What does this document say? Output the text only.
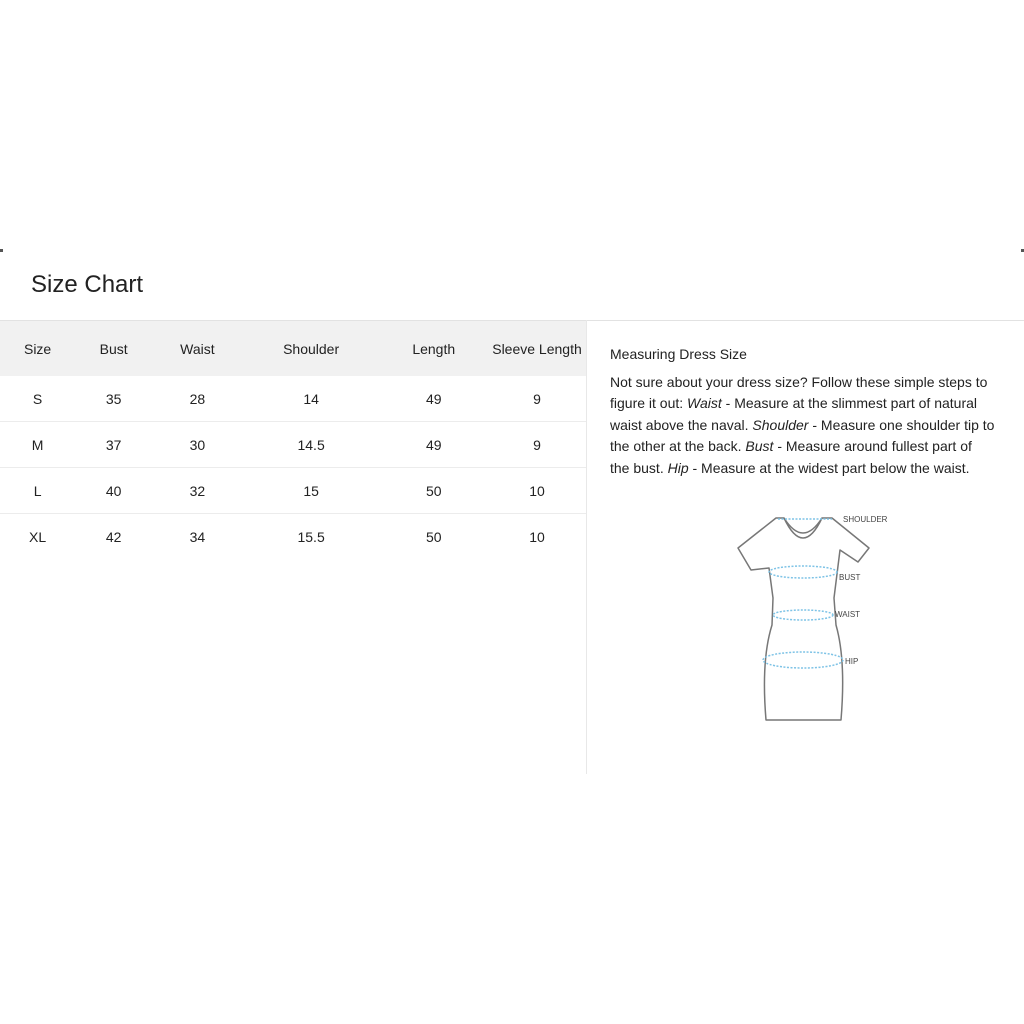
Size Chart
Size	Bust	Waist	Shoulder	Length	Sleeve Length
S	35	28	14	49	9
M	37	30	14.5	49	9
L	40	32	15	50	10
XL	42	34	15.5	50	10

Measuring Dress Size

Not sure about your dress size? Follow these simple steps to figure it out: Waist - Measure at the slimmest part of natural waist above the naval. Shoulder - Measure one shoulder tip to the other at the back. Bust - Measure around fullest part of the bust. Hip - Measure at the widest part below the waist.

SHOULDER
BUST
WAIST
HIP
